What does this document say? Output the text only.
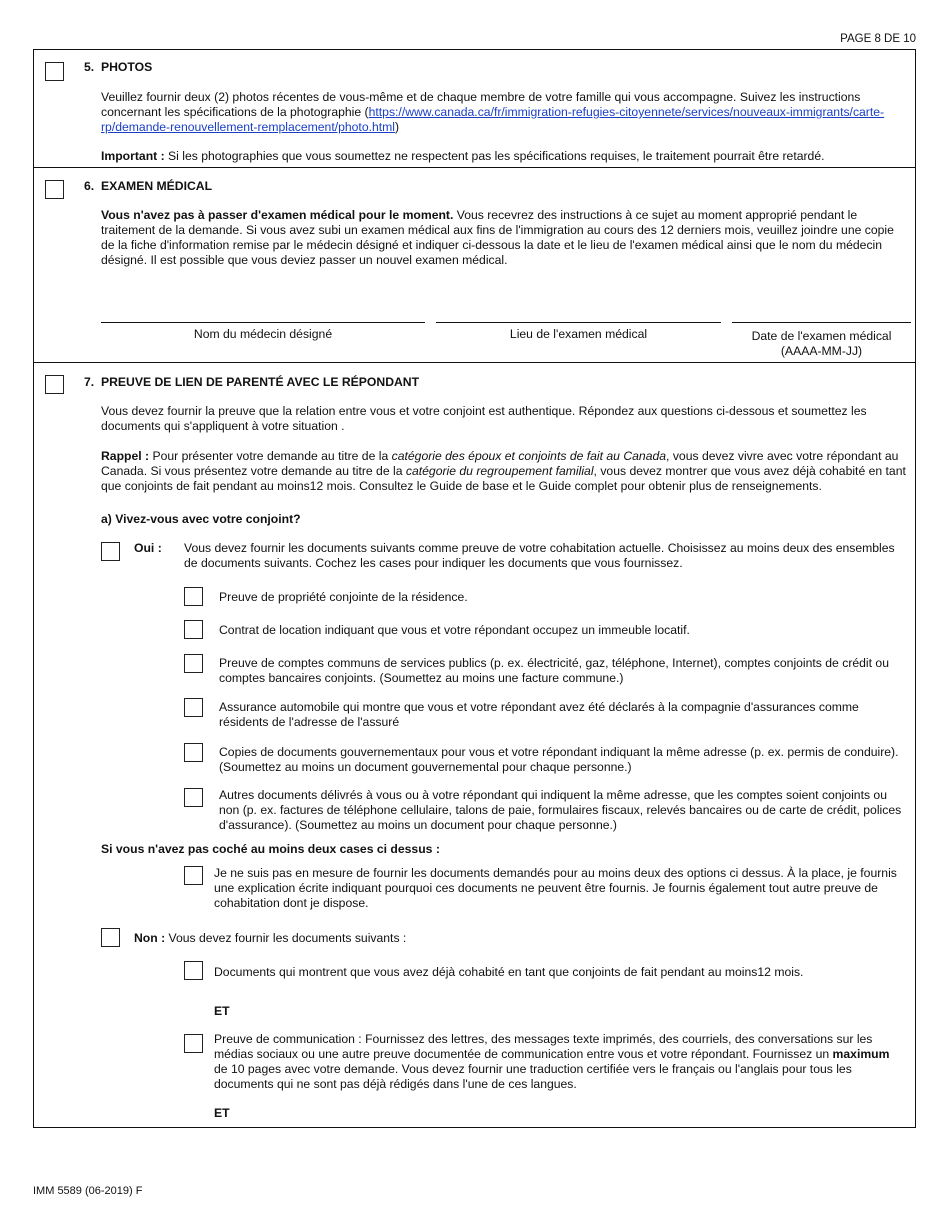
PAGE 8 DE 10
5. PHOTOS
Veuillez fournir deux (2) photos récentes de vous-même et de chaque membre de votre famille qui vous accompagne. Suivez les instructions concernant les spécifications de la photographie (https://www.canada.ca/fr/immigration-refugies-citoyennete/services/nouveaux-immigrants/carte-rp/demande-renouvellement-remplacement/photo.html)
Important : Si les photographies que vous soumettez ne respectent pas les spécifications requises, le traitement pourrait être retardé.
6. EXAMEN MÉDICAL
Vous n'avez pas à passer d'examen médical pour le moment. Vous recevrez des instructions à ce sujet au moment approprié pendant le traitement de la demande. Si vous avez subi un examen médical aux fins de l'immigration au cours des 12 derniers mois, veuillez joindre une copie de la fiche d'information remise par le médecin désigné et indiquer ci-dessous la date et le lieu de l'examen médical ainsi que le nom du médecin désigné. Il est possible que vous deviez passer un nouvel examen médical.
Nom du médecin désigné	Lieu de l'examen médical	Date de l'examen médical
(AAAA-MM-JJ)
7. PREUVE DE LIEN DE PARENTÉ AVEC LE RÉPONDANT
Vous devez fournir la preuve que la relation entre vous et votre conjoint est authentique. Répondez aux questions ci-dessous et soumettez les documents qui s'appliquent à votre situation .
Rappel : Pour présenter votre demande au titre de la catégorie des époux et conjoints de fait au Canada, vous devez vivre avec votre répondant au Canada. Si vous présentez votre demande au titre de la catégorie du regroupement familial, vous devez montrer que vous avez déjà cohabité en tant que conjoints de fait pendant au moins12 mois. Consultez le Guide de base et le Guide complet pour obtenir plus de renseignements.
a) Vivez-vous avec votre conjoint?
Oui : Vous devez fournir les documents suivants comme preuve de votre cohabitation actuelle. Choisissez au moins deux des ensembles de documents suivants. Cochez les cases pour indiquer les documents que vous fournissez.
Preuve de propriété conjointe de la résidence.
Contrat de location indiquant que vous et votre répondant occupez un immeuble locatif.
Preuve de comptes communs de services publics (p. ex. électricité, gaz, téléphone, Internet), comptes conjoints de crédit ou comptes bancaires conjoints. (Soumettez au moins une facture commune.)
Assurance automobile qui montre que vous et votre répondant avez été déclarés à la compagnie d'assurances comme résidents de l'adresse de l'assuré
Copies de documents gouvernementaux pour vous et votre répondant indiquant la même adresse (p. ex. permis de conduire). (Soumettez au moins un document gouvernemental pour chaque personne.)
Autres documents délivrés à vous ou à votre répondant qui indiquent la même adresse, que les comptes soient conjoints ou non (p. ex. factures de téléphone cellulaire, talons de paie, formulaires fiscaux, relevés bancaires ou de carte de crédit, polices d'assurance). (Soumettez au moins un document pour chaque personne.)
Si vous n'avez pas coché au moins deux cases ci dessus :
Je ne suis pas en mesure de fournir les documents demandés pour au moins deux des options ci dessus. À la place, je fournis une explication écrite indiquant pourquoi ces documents ne peuvent être fournis. Je fournis également tout autre preuve de cohabitation dont je dispose.
Non : Vous devez fournir les documents suivants :
Documents qui montrent que vous avez déjà cohabité en tant que conjoints de fait pendant au moins12 mois.
ET
Preuve de communication : Fournissez des lettres, des messages texte imprimés, des courriels, des conversations sur les médias sociaux ou une autre preuve documentée de communication entre vous et votre répondant. Fournissez un maximum de 10 pages avec votre demande. Vous devez fournir une traduction certifiée vers le français ou l'anglais pour tous les documents qui ne sont pas déjà rédigés dans l'une de ces langues.
ET
IMM 5589 (06-2019) F
